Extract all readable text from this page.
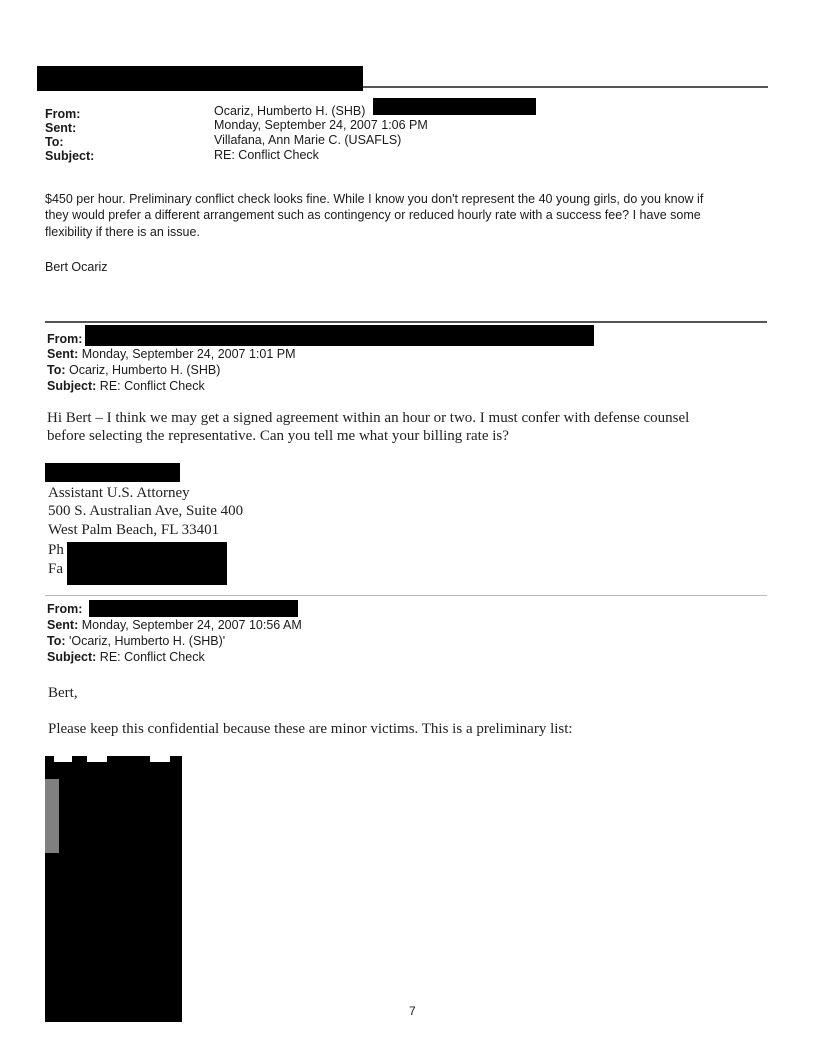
From:
Sent:
To:
Subject:
Ocariz, Humberto H. (SHB)
Monday, September 24, 2007 1:06 PM
Villafana, Ann Marie C. (USAFLS)
RE: Conflict Check
$450 per hour. Preliminary conflict check looks fine. While I know you don't represent the 40 young girls, do you know if
they would prefer a different arrangement such as contingency or reduced hourly rate with a success fee? I have some
flexibility if there is an issue.
Bert Ocariz
From:
Sent: Monday, September 24, 2007 1:01 PM
To: Ocariz, Humberto H. (SHB)
Subject: RE: Conflict Check
Hi Bert – I think we may get a signed agreement within an hour or two. I must confer with defense counsel
before selecting the representative. Can you tell me what your billing rate is?
Assistant U.S. Attorney
500 S. Australian Ave, Suite 400
West Palm Beach, FL 33401
Ph
Fa
From:
Sent: Monday, September 24, 2007 10:56 AM
To: 'Ocariz, Humberto H. (SHB)'
Subject: RE: Conflict Check
Bert,
Please keep this confidential because these are minor victims. This is a preliminary list:
7
